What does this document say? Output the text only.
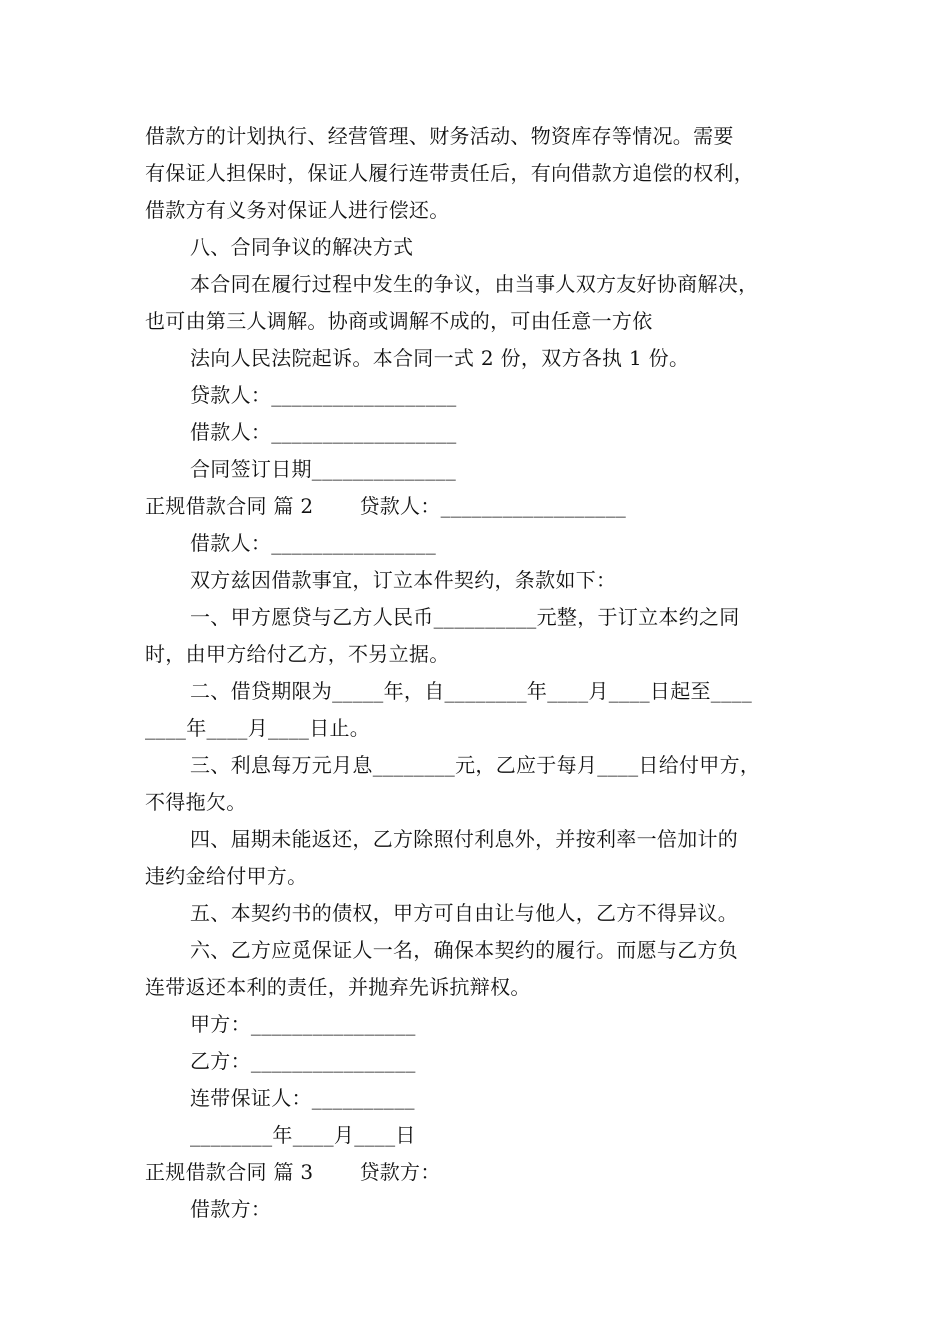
借款方的计划执行、经营管理、财务活动、物资库存等情况。需要
有保证人担保时，保证人履行连带责任后，有向借款方追偿的权利，
借款方有义务对保证人进行偿还。
八、合同争议的解决方式
本合同在履行过程中发生的争议，由当事人双方友好协商解决，
也可由第三人调解。协商或调解不成的，可由任意一方依
法向人民法院起诉。本合同一式 2 份，双方各执 1 份。
贷款人：__________________
借款人：__________________
合同签订日期______________
正规借款合同 篇 2 贷款人：__________________
借款人：________________
双方兹因借款事宜，订立本件契约，条款如下：
一、甲方愿贷与乙方人民币__________元整，于订立本约之同
时，由甲方给付乙方，不另立据。
二、借贷期限为_____年，自________年____月____日起至____
____年____月____日止。
三、利息每万元月息________元，乙应于每月____日给付甲方，
不得拖欠。
四、届期未能返还，乙方除照付利息外，并按利率一倍加计的
违约金给付甲方。
五、本契约书的债权，甲方可自由让与他人，乙方不得异议。
六、乙方应觅保证人一名，确保本契约的履行。而愿与乙方负
连带返还本利的责任，并抛弃先诉抗辩权。
甲方：________________
乙方：________________
连带保证人：__________
________年____月____日
正规借款合同 篇 3 贷款方：
借款方：
